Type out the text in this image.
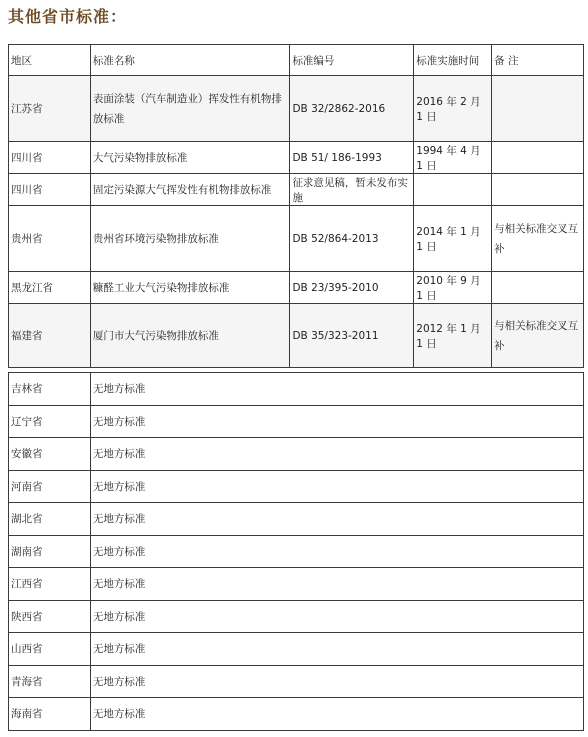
其他省市标准：
地区	标准名称	标准编号	标准实施时间	备 注
江苏省	表面涂装（汽车制造业）挥发性有机物排放标准	DB 32/2862-2016	2016 年 2 月 1 日	
四川省	大气污染物排放标准	DB 51/ 186-1993	1994 年 4 月 1 日	
四川省	固定污染源大气挥发性有机物排放标准	征求意见稿，暂未发布实施		
贵州省	贵州省环境污染物排放标准	DB 52/864-2013	2014 年 1 月 1 日	与相关标准交叉互补

黑龙江省	糠醛工业大气污染物排放标准	DB 23/395-2010	2010 年 9 月 1 日	
福建省	厦门市大气污染物排放标准	DB 35/323-2011	2012 年 1 月 1 日	与相关标准交叉互补
吉林省	无地方标准
辽宁省	无地方标准
安徽省	无地方标准
河南省	无地方标准
湖北省	无地方标准
湖南省	无地方标准
江西省	无地方标准
陕西省	无地方标准
山西省	无地方标准
青海省	无地方标准
海南省	无地方标准
